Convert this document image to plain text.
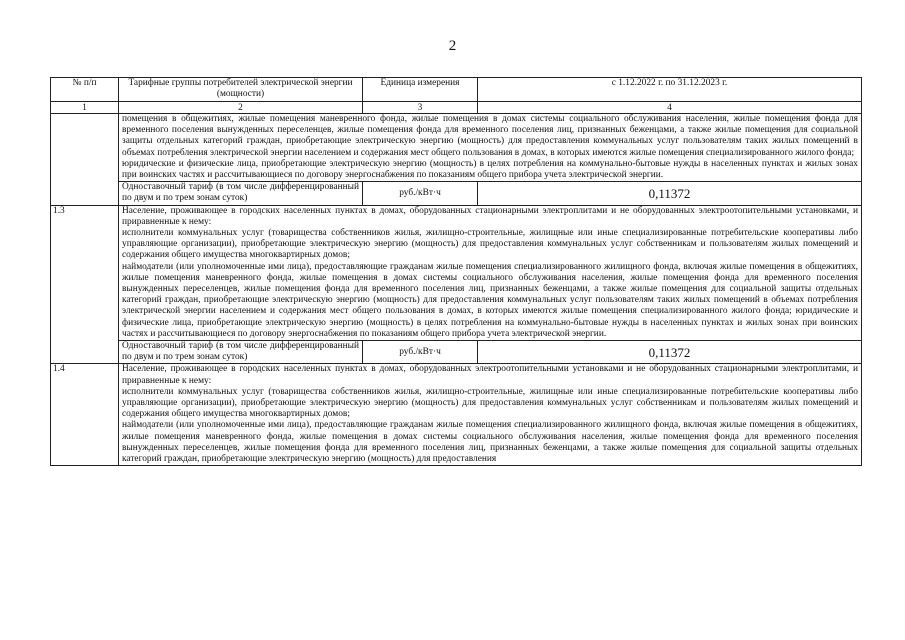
2
№ п/п	Тарифные группы потребителей электрической энергии (мощности)	Единица измерения	с 1.12.2022 г. по 31.12.2023 г.
1	2	3	4

	помещения в общежитиях, жилые помещения маневренного фонда, жилые помещения в домах системы социального обслуживания населения, жилые помещения фонда для временного поселения вынужденных переселенцев, жилые помещения фонда для временного поселения лиц, признанных беженцами, а также жилые помещения для социальной защиты отдельных категорий граждан, приобретающие электрическую энергию (мощность) для предоставления коммунальных услуг пользователям таких жилых помещений в объемах потребления электрической энергии населением и содержания мест общего пользования в домах, в которых имеются жилые помещения специализированного жилого фонда;

юридические и физические лица, приобретающие электрическую энергию (мощность) в целях потребления на коммунально-бытовые нужды в населенных пунктах и жилых зонах при воинских частях и рассчитывающиеся по договору энергоснабжения по показаниям общего прибора учета электрической энергии.		

	Одноставочный тариф (в том числе дифференцированный по двум и по трем зонам суток)	руб./кВт·ч	0,11372
1.3	Население, проживающее в городских населенных пунктах в домах, оборудованных стационарными электроплитами и не оборудованных электроотопительными установками, и приравненные к нему:

исполнители коммунальных услуг (товарищества собственников жилья, жилищно-строительные, жилищные или иные специализированные потребительские кооперативы либо управляющие организации), приобретающие электрическую энергию (мощность) для предоставления коммунальных услуг собственникам и пользователям жилых помещений и содержания общего имущества многоквартирных домов;

наймодатели (или уполномоченные ими лица), предоставляющие гражданам жилые помещения специализированного жилищного фонда, включая жилые помещения в общежитиях, жилые помещения маневренного фонда, жилые помещения в домах системы социального обслуживания населения, жилые помещения фонда для временного поселения вынужденных переселенцев, жилые помещения фонда для временного поселения лиц, признанных беженцами, а также жилые помещения для социальной защиты отдельных категорий граждан, приобретающие электрическую энергию (мощность) для предоставления коммунальных услуг пользователям таких жилых помещений в объемах потребления электрической энергии населением и содержания мест общего пользования в домах, в которых имеются жилые помещения специализированного жилого фонда; юридические и физические лица, приобретающие электрическую энергию (мощность) в целях потребления на коммунально-бытовые нужды в населенных пунктах и жилых зонах при воинских частях и рассчитывающиеся по договору энергоснабжения по показаниям общего прибора учета электрической энергии.		

	Одноставочный тариф (в том числе дифференцированный по двум и по трем зонам суток)	руб./кВт·ч	0,11372
1.4	Население, проживающее в городских населенных пунктах в домах, оборудованных электроотопительными установками и не оборудованных стационарными электроплитами, и приравненные к нему:

исполнители коммунальных услуг (товарищества собственников жилья, жилищно-строительные, жилищные или иные специализированные потребительские кооперативы либо управляющие организации), приобретающие электрическую энергию (мощность) для предоставления коммунальных услуг собственникам и пользователям жилых помещений и содержания общего имущества многоквартирных домов;

наймодатели (или уполномоченные ими лица), предоставляющие гражданам жилые помещения специализированного жилищного фонда, включая жилые помещения в общежитиях, жилые помещения маневренного фонда, жилые помещения в домах системы социального обслуживания населения, жилые помещения фонда для временного поселения вынужденных переселенцев, жилые помещения фонда для временного поселения лиц, признанных беженцами, а также жилые помещения для социальной защиты отдельных категорий граждан, приобретающие электрическую энергию (мощность) для предоставления		
